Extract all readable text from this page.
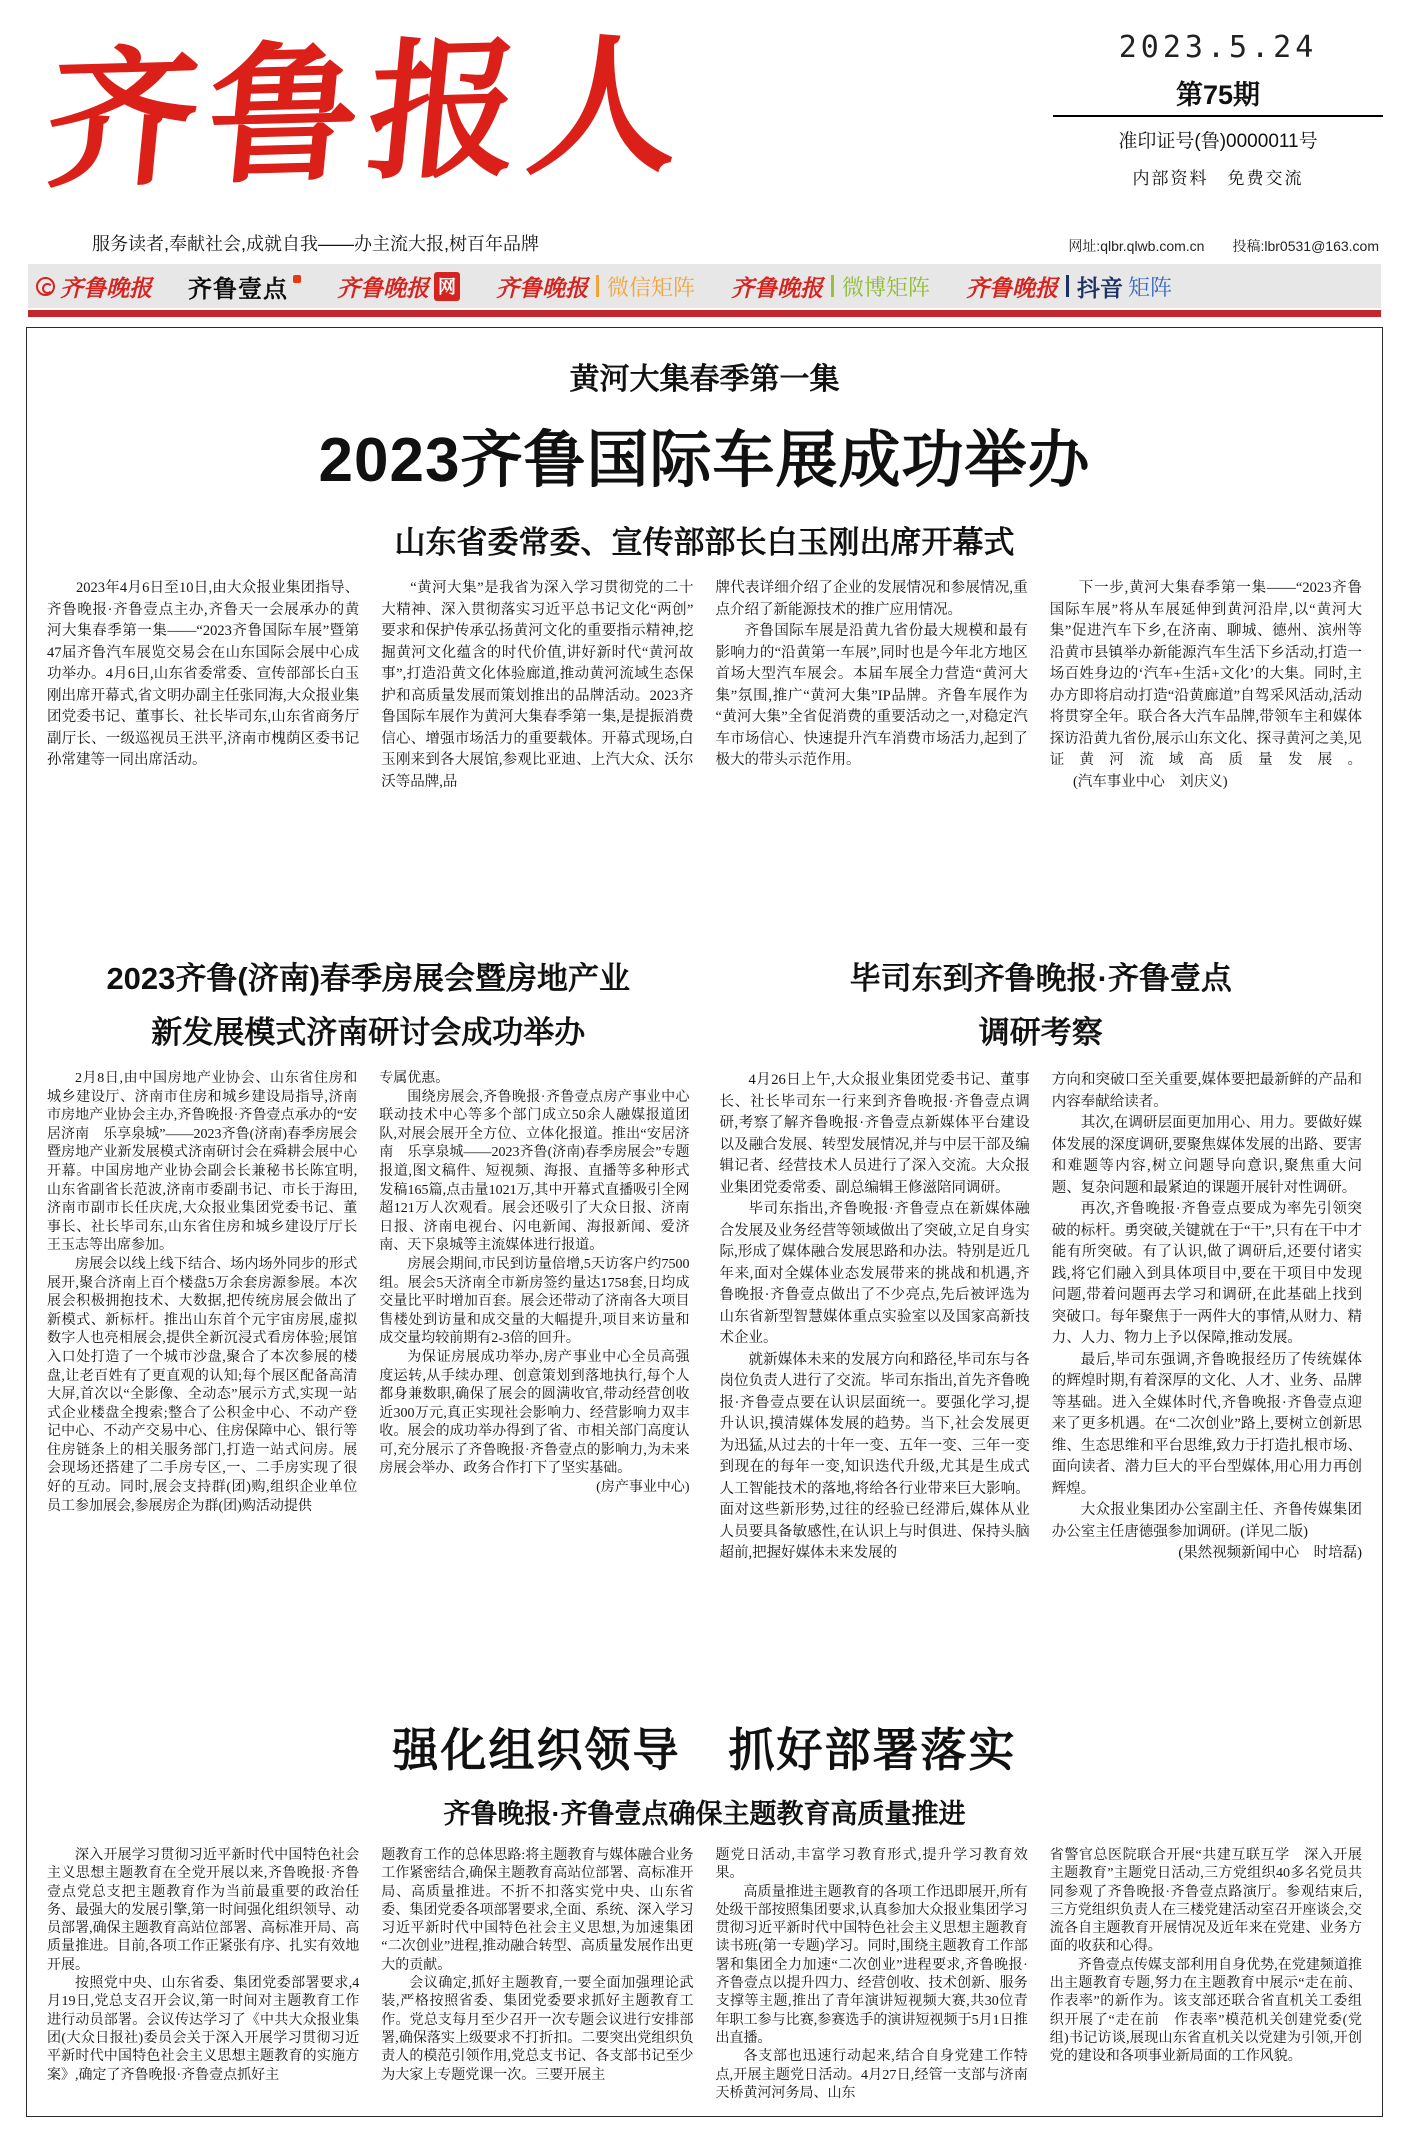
齐鲁报人	2023.5.24
第75期
准印证号(鲁)0000011号
内部资料　免费交流
服务读者,奉献社会,成就自我——办主流大报,树百年品牌	网址:qlbr.qlwb.com.cn 投稿:lbr0531@163.com
齐鲁晚报 齐鲁壹点 齐鲁晚报 网 齐鲁晚报 微信矩阵 齐鲁晚报 微博矩阵 齐鲁晚报 抖音 矩阵
黄河大集春季第一集
2023齐鲁国际车展成功举办
山东省委常委、宣传部部长白玉刚出席开幕式

2023年4月6日至10日,由大众报业集团指导、齐鲁晚报·齐鲁壹点主办,齐鲁天一会展承办的黄河大集春季第一集——“2023齐鲁国际车展”暨第47届齐鲁汽车展览交易会在山东国际会展中心成功举办。4月6日,山东省委常委、宣传部部长白玉刚出席开幕式,省文明办副主任张同海,大众报业集团党委书记、董事长、社长毕司东,山东省商务厅副厅长、一级巡视员王洪平,济南市槐荫区委书记孙常建等一同出席活动。

“黄河大集”是我省为深入学习贯彻党的二十大精神、深入贯彻落实习近平总书记文化“两创”要求和保护传承弘扬黄河文化的重要指示精神,挖掘黄河文化蕴含的时代价值,讲好新时代“黄河故事”,打造沿黄文化体验廊道,推动黄河流域生态保护和高质量发展而策划推出的品牌活动。2023齐鲁国际车展作为黄河大集春季第一集,是提振消费信心、增强市场活力的重要载体。开幕式现场,白玉刚来到各大展馆,参观比亚迪、上汽大众、沃尔沃等品牌,品

牌代表详细介绍了企业的发展情况和参展情况,重点介绍了新能源技术的推广应用情况。

齐鲁国际车展是沿黄九省份最大规模和最有影响力的“沿黄第一车展”,同时也是今年北方地区首场大型汽车展会。本届车展全力营造“黄河大集”氛围,推广“黄河大集”IP品牌。齐鲁车展作为“黄河大集”全省促消费的重要活动之一,对稳定汽车市场信心、快速提升汽车消费市场活力,起到了极大的带头示范作用。

下一步,黄河大集春季第一集——“2023齐鲁国际车展”将从车展延伸到黄河沿岸,以“黄河大集”促进汽车下乡,在济南、聊城、德州、滨州等沿黄市县镇举办新能源汽车生活下乡活动,打造一场百姓身边的‘汽车+生活+文化’的大集。同时,主办方即将启动打造“沿黄廊道”自驾采风活动,活动将贯穿全年。联合各大汽车品牌,带领车主和媒体探访沿黄九省份,展示山东文化、探寻黄河之美,见证黄河流域高质量发展。(汽车事业中心　刘庆义)

2023齐鲁(济南)春季房展会暨房地产业
新发展模式济南研讨会成功举办

2月8日,由中国房地产业协会、山东省住房和城乡建设厅、济南市住房和城乡建设局指导,济南市房地产业协会主办,齐鲁晚报·齐鲁壹点承办的“安居济南　乐享泉城”——2023齐鲁(济南)春季房展会暨房地产业新发展模式济南研讨会在舜耕会展中心开幕。中国房地产业协会副会长兼秘书长陈宜明,山东省副省长范波,济南市委副书记、市长于海田,济南市副市长任庆虎,大众报业集团党委书记、董事长、社长毕司东,山东省住房和城乡建设厅厅长王玉志等出席参加。

房展会以线上线下结合、场内场外同步的形式展开,聚合济南上百个楼盘5万余套房源参展。本次展会积极拥抱技术、大数据,把传统房展会做出了新模式、新标杆。推出山东首个元宇宙房展,虚拟数字人也亮相展会,提供全新沉浸式看房体验;展馆入口处打造了一个城市沙盘,聚合了本次参展的楼盘,让老百姓有了更直观的认知;每个展区配备高清大屏,首次以“全影像、全动态”展示方式,实现一站式企业楼盘全搜索;整合了公积金中心、不动产登记中心、不动产交易中心、住房保障中心、银行等住房链条上的相关服务部门,打造一站式问房。展会现场还搭建了二手房专区,一、二手房实现了很好的互动。同时,展会支持群(团)购,组织企业单位员工参加展会,参展房企为群(团)购活动提供

专属优惠。

围绕房展会,齐鲁晚报·齐鲁壹点房产事业中心联动技术中心等多个部门成立50余人融媒报道团队,对展会展开全方位、立体化报道。推出“安居济南　乐享泉城——2023齐鲁(济南)春季房展会”专题报道,图文稿件、短视频、海报、直播等多种形式发稿165篇,点击量1021万,其中开幕式直播吸引全网超121万人次观看。展会还吸引了大众日报、济南日报、济南电视台、闪电新闻、海报新闻、爱济南、天下泉城等主流媒体进行报道。

房展会期间,市民到访量倍增,5天访客户约7500组。展会5天济南全市新房签约量达1758套,日均成交量比平时增加百套。展会还带动了济南各大项目售楼处到访量和成交量的大幅提升,项目来访量和成交量均较前期有2-3倍的回升。

为保证房展成功举办,房产事业中心全员高强度运转,从手续办理、创意策划到落地执行,每个人都身兼数职,确保了展会的圆满收官,带动经营创收近300万元,真正实现社会影响力、经营影响力双丰收。展会的成功举办得到了省、市相关部门高度认可,充分展示了齐鲁晚报·齐鲁壹点的影响力,为未来房展会举办、政务合作打下了坚实基础。

(房产事业中心)

毕司东到齐鲁晚报·齐鲁壹点
调研考察

4月26日上午,大众报业集团党委书记、董事长、社长毕司东一行来到齐鲁晚报·齐鲁壹点调研,考察了解齐鲁晚报·齐鲁壹点新媒体平台建设以及融合发展、转型发展情况,并与中层干部及编辑记者、经营技术人员进行了深入交流。大众报业集团党委常委、副总编辑王修滋陪同调研。

毕司东指出,齐鲁晚报·齐鲁壹点在新媒体融合发展及业务经营等领域做出了突破,立足自身实际,形成了媒体融合发展思路和办法。特别是近几年来,面对全媒体业态发展带来的挑战和机遇,齐鲁晚报·齐鲁壹点做出了不少亮点,先后被评选为山东省新型智慧媒体重点实验室以及国家高新技术企业。

就新媒体未来的发展方向和路径,毕司东与各岗位负责人进行了交流。毕司东指出,首先齐鲁晚报·齐鲁壹点要在认识层面统一。要强化学习,提升认识,摸清媒体发展的趋势。当下,社会发展更为迅猛,从过去的十年一变、五年一变、三年一变到现在的每年一变,知识迭代升级,尤其是生成式人工智能技术的落地,将给各行业带来巨大影响。面对这些新形势,过往的经验已经滞后,媒体从业人员要具备敏感性,在认识上与时俱进、保持头脑超前,把握好媒体未来发展的

方向和突破口至关重要,媒体要把最新鲜的产品和内容奉献给读者。

其次,在调研层面更加用心、用力。要做好媒体发展的深度调研,要聚焦媒体发展的出路、要害和难题等内容,树立问题导向意识,聚焦重大问题、复杂问题和最紧迫的课题开展针对性调研。

再次,齐鲁晚报·齐鲁壹点要成为率先引领突破的标杆。勇突破,关键就在于“干”,只有在干中才能有所突破。有了认识,做了调研后,还要付诸实践,将它们融入到具体项目中,要在干项目中发现问题,带着问题再去学习和调研,在此基础上找到突破口。每年聚焦于一两件大的事情,从财力、精力、人力、物力上予以保障,推动发展。

最后,毕司东强调,齐鲁晚报经历了传统媒体的辉煌时期,有着深厚的文化、人才、业务、品牌等基础。进入全媒体时代,齐鲁晚报·齐鲁壹点迎来了更多机遇。在“二次创业”路上,要树立创新思维、生态思维和平台思维,致力于打造扎根市场、面向读者、潜力巨大的平台型媒体,用心用力再创辉煌。

大众报业集团办公室副主任、齐鲁传媒集团办公室主任唐德强参加调研。(详见二版)

(果然视频新闻中心　时培磊)

强化组织领导　抓好部署落实
齐鲁晚报·齐鲁壹点确保主题教育高质量推进

深入开展学习贯彻习近平新时代中国特色社会主义思想主题教育在全党开展以来,齐鲁晚报·齐鲁壹点党总支把主题教育作为当前最重要的政治任务、最强大的发展引擎,第一时间强化组织领导、动员部署,确保主题教育高站位部署、高标准开局、高质量推进。目前,各项工作正紧张有序、扎实有效地开展。

按照党中央、山东省委、集团党委部署要求,4月19日,党总支召开会议,第一时间对主题教育工作进行动员部署。会议传达学习了《中共大众报业集团(大众日报社)委员会关于深入开展学习贯彻习近平新时代中国特色社会主义思想主题教育的实施方案》,确定了齐鲁晚报·齐鲁壹点抓好主

题教育工作的总体思路:将主题教育与媒体融合业务工作紧密结合,确保主题教育高站位部署、高标准开局、高质量推进。不折不扣落实党中央、山东省委、集团党委各项部署要求,全面、系统、深入学习习近平新时代中国特色社会主义思想,为加速集团“二次创业”进程,推动融合转型、高质量发展作出更大的贡献。

会议确定,抓好主题教育,一要全面加强理论武装,严格按照省委、集团党委要求抓好主题教育工作。党总支每月至少召开一次专题会议进行安排部署,确保落实上级要求不打折扣。二要突出党组织负责人的模范引领作用,党总支书记、各支部书记至少为大家上专题党课一次。三要开展主

题党日活动,丰富学习教育形式,提升学习教育效果。

高质量推进主题教育的各项工作迅即展开,所有处级干部按照集团要求,认真参加大众报业集团学习贯彻习近平新时代中国特色社会主义思想主题教育读书班(第一专题)学习。同时,围绕主题教育工作部署和集团全力加速“二次创业”进程要求,齐鲁晚报·齐鲁壹点以提升四力、经营创收、技术创新、服务支撑等主题,推出了青年演讲短视频大赛,共30位青年职工参与比赛,参赛选手的演讲短视频于5月1日推出直播。

各支部也迅速行动起来,结合自身党建工作特点,开展主题党日活动。4月27日,经管一支部与济南天桥黄河河务局、山东

省警官总医院联合开展“共建互联互学　深入开展主题教育”主题党日活动,三方党组织40多名党员共同参观了齐鲁晚报·齐鲁壹点路演厅。参观结束后,三方党组织负责人在三楼党建活动室召开座谈会,交流各自主题教育开展情况及近年来在党建、业务方面的收获和心得。

齐鲁壹点传媒支部利用自身优势,在党建频道推出主题教育专题,努力在主题教育中展示“走在前、作表率”的新作为。该支部还联合省直机关工委组织开展了“走在前　作表率”模范机关创建党委(党组)书记访谈,展现山东省直机关以党建为引领,开创党的建设和各项事业新局面的工作风貌。
